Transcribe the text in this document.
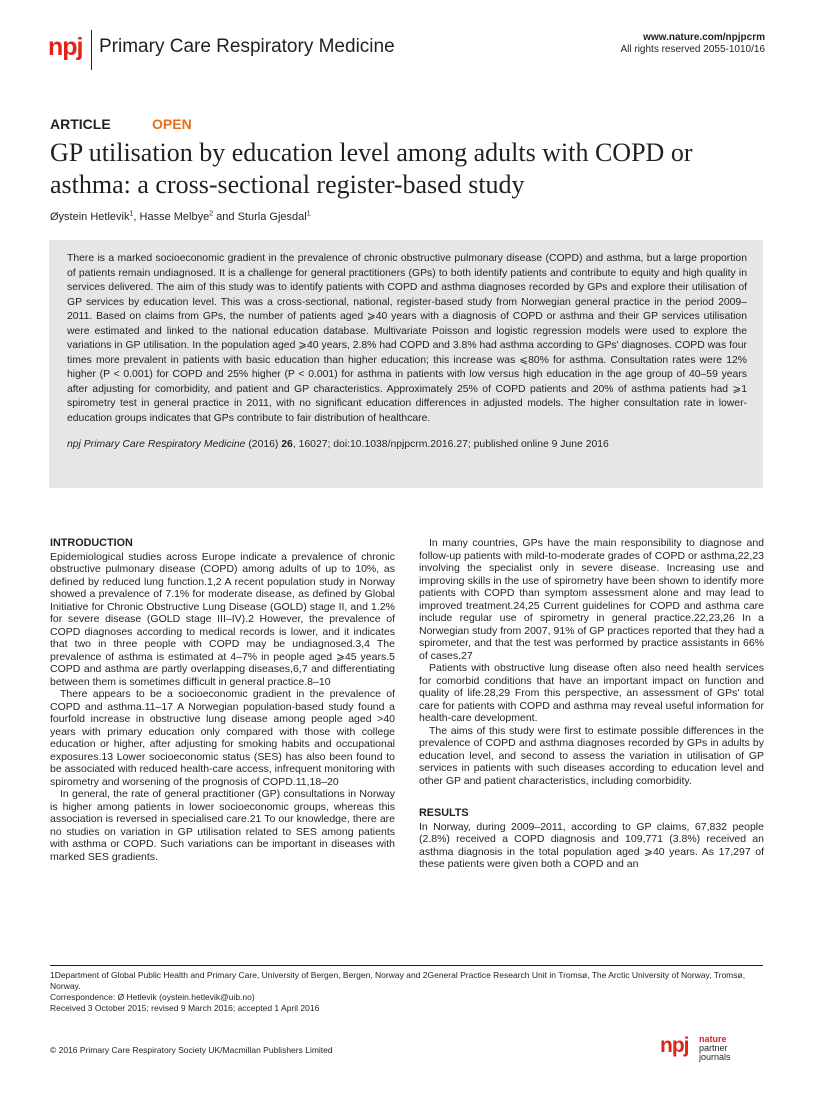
npj Primary Care Respiratory Medicine	www.nature.com/npjpcrm
All rights reserved 2055-1010/16
ARTICLE	OPEN
GP utilisation by education level among adults with COPD or asthma: a cross-sectional register-based study
Øystein Hetlevik$^1$, Hasse Melbye$^2$ and Sturla Gjesdal$^1$

There is a marked socioeconomic gradient in the prevalence of chronic obstructive pulmonary disease (COPD) and asthma, but a large proportion of patients remain undiagnosed. It is a challenge for general practitioners (GPs) to both identify patients and contribute to equity and high quality in services delivered. The aim of this study was to identify patients with COPD and asthma diagnoses recorded by GPs and explore their utilisation of GP services by education level. This was a cross-sectional, national, register-based study from Norwegian general practice in the period 2009–2011. Based on claims from GPs, the number of patients aged ⩾40 years with a diagnosis of COPD or asthma and their GP services utilisation were estimated and linked to the national education database. Multivariate Poisson and logistic regression models were used to explore the variations in GP utilisation. In the population aged ⩾40 years, 2.8% had COPD and 3.8% had asthma according to GPs' diagnoses. COPD was four times more prevalent in patients with basic education than higher education; this increase was ⩽80% for asthma. Consultation rates were 12% higher (P < 0.001) for COPD and 25% higher (P < 0.001) for asthma in patients with low versus high education in the age group of 40–59 years after adjusting for comorbidity, and patient and GP characteristics. Approximately 25% of COPD patients and 20% of asthma patients had ⩾1 spirometry test in general practice in 2011, with no significant education differences in adjusted models. The higher consultation rate in lower-education groups indicates that GPs contribute to fair distribution of healthcare.

npj Primary Care Respiratory Medicine (2016) 26, 16027; doi:10.1038/npjpcrm.2016.27; published online 9 June 2016
INTRODUCTION

Epidemiological studies across Europe indicate a prevalence of chronic obstructive pulmonary disease (COPD) among adults of up to 10%, as defined by reduced lung function.1,2 A recent population study in Norway showed a prevalence of 7.1% for moderate disease, as defined by Global Initiative for Chronic Obstructive Lung Disease (GOLD) stage II, and 1.2% for severe disease (GOLD stage III–IV).2 However, the prevalence of COPD diagnoses according to medical records is lower, and it indicates that two in three people with COPD may be undiagnosed.3,4 The prevalence of asthma is estimated at 4–7% in people aged ⩾45 years.5 COPD and asthma are partly overlapping diseases,6,7 and differentiating between them is sometimes difficult in general practice.8–10

There appears to be a socioeconomic gradient in the prevalence of COPD and asthma.11–17 A Norwegian population-based study found a fourfold increase in obstructive lung disease among people aged >40 years with primary education only compared with those with college education or higher, after adjusting for smoking habits and occupational exposures.13 Lower socioeconomic status (SES) has also been found to be associated with reduced health-care access, infrequent monitoring with spirometry and worsening of the prognosis of COPD.11,18–20

In general, the rate of general practitioner (GP) consultations in Norway is higher among patients in lower socioeconomic groups, whereas this association is reversed in specialised care.21 To our knowledge, there are no studies on variation in GP utilisation related to SES among patients with asthma or COPD. Such variations can be important in diseases with marked SES gradients.

In many countries, GPs have the main responsibility to diagnose and follow-up patients with mild-to-moderate grades of COPD or asthma,22,23 involving the specialist only in severe disease. Increasing use and improving skills in the use of spirometry have been shown to identify more patients with COPD than symptom assessment alone and may lead to improved treatment.24,25 Current guidelines for COPD and asthma care include regular use of spirometry in general practice.22,23,26 In a Norwegian study from 2007, 91% of GP practices reported that they had a spirometer, and that the test was performed by practice assistants in 66% of cases.27

Patients with obstructive lung disease often also need health services for comorbid conditions that have an important impact on function and quality of life.28,29 From this perspective, an assessment of GPs' total care for patients with COPD and asthma may reveal useful information for health-care development.

The aims of this study were first to estimate possible differences in the prevalence of COPD and asthma diagnoses recorded by GPs in adults by education level, and second to assess the variation in utilisation of GP services in patients with such diseases according to education level and other GP and patient characteristics, including comorbidity.

RESULTS

In Norway, during 2009–2011, according to GP claims, 67,832 people (2.8%) received a COPD diagnosis and 109,771 (3.8%) received an asthma diagnosis in the total population aged ⩾40 years. As 17,297 of these patients were given both a COPD and an

1Department of Global Public Health and Primary Care, University of Bergen, Bergen, Norway and 2General Practice Research Unit in Tromsø, The Arctic University of Norway, Tromsø, Norway.
Correspondence: Ø Hetlevik (oystein.hetlevik@uib.no)
Received 3 October 2015; revised 9 March 2016; accepted 1 April 2016
© 2016 Primary Care Respiratory Society UK/Macmillan Publishers Limited	npj nature
partner
journals
